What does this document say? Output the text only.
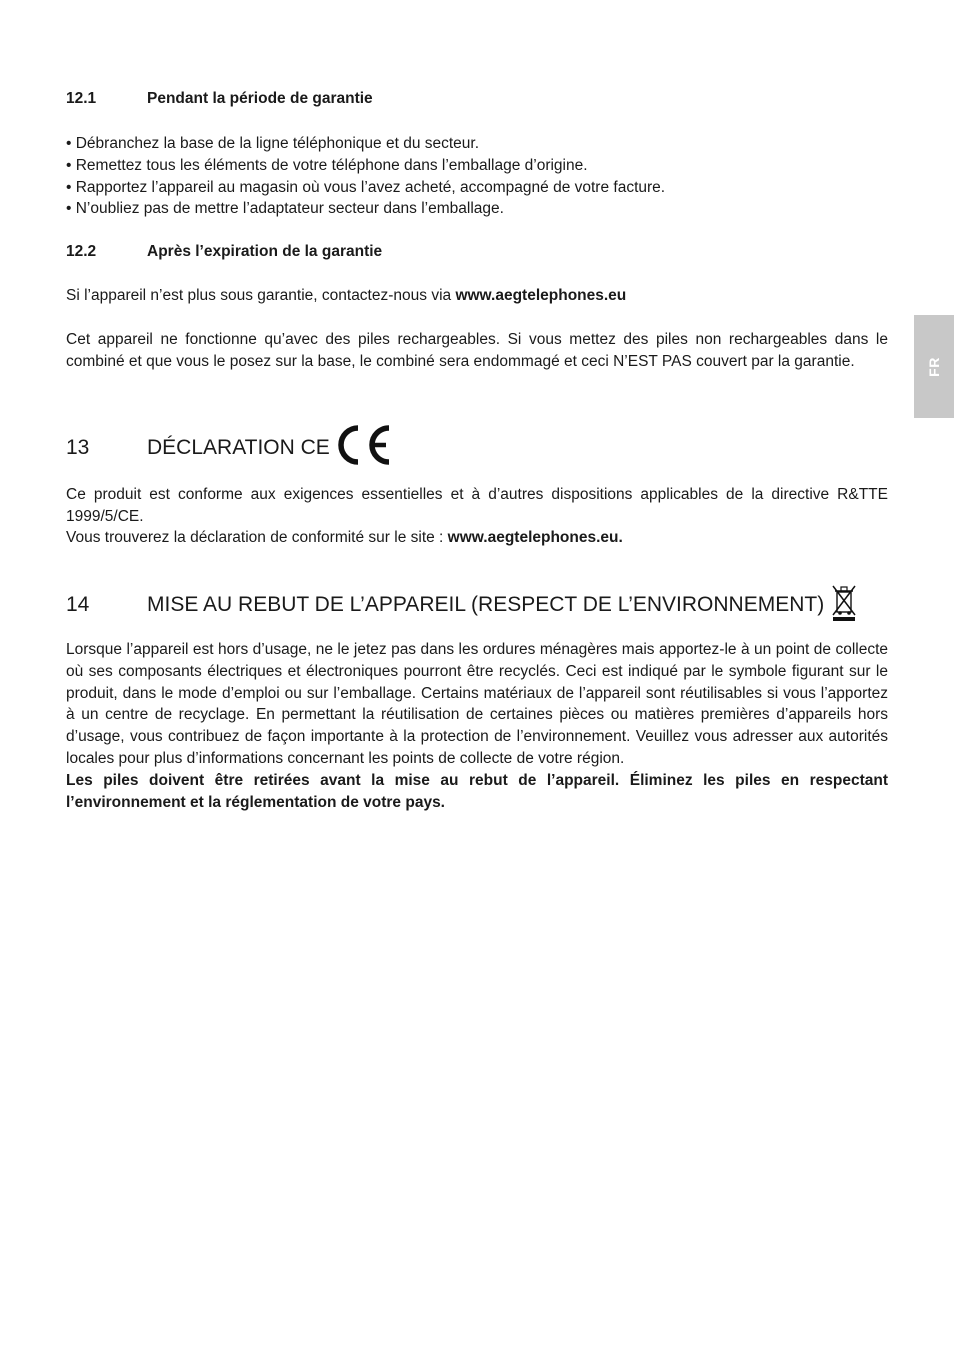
12.1	Pendant la période de garantie
• Débranchez la base de la ligne téléphonique et du secteur.
• Remettez tous les éléments de votre téléphone dans l’emballage d’origine.
• Rapportez l’appareil au magasin où vous l’avez acheté, accompagné de votre facture.
• N’oubliez pas de mettre l’adaptateur secteur dans l’emballage.
12.2	Après l’expiration de la garantie
Si l’appareil n’est plus sous garantie, contactez-nous via www.aegtelephones.eu
Cet appareil ne fonctionne qu’avec des piles rechargeables. Si vous mettez des piles non rechargeables dans le combiné et que vous le posez sur la base, le combiné sera endommagé et ceci N’EST PAS couvert par la garantie.
13	DÉCLARATION CE
Ce produit est conforme aux exigences essentielles et à d’autres dispositions applicables de la directive R&TTE 1999/5/CE.
Vous trouverez la déclaration de conformité sur le site : www.aegtelephones.eu.
14	MISE AU REBUT DE L’APPAREIL (RESPECT DE L’ENVIRONNEMENT)
Lorsque l’appareil est hors d’usage, ne le jetez pas dans les ordures ménagères mais apportez-le à un point de collecte où ses composants électriques et électroniques pourront être recyclés. Ceci est indiqué par le symbole figurant sur le produit, dans le mode d’emploi ou sur l’emballage. Certains matériaux de l’appareil sont réutilisables si vous l’apportez à un centre de recyclage. En permettant la réutilisation de certaines pièces ou matières premières d’appareils hors d’usage, vous contribuez de façon importante à la protection de l’environnement. Veuillez vous adresser aux autorités locales pour plus d’informations concernant les points de collecte de votre région.
Les piles doivent être retirées avant la mise au rebut de l’appareil. Éliminez les piles en respectant l’environnement et la réglementation de votre pays.
FR
